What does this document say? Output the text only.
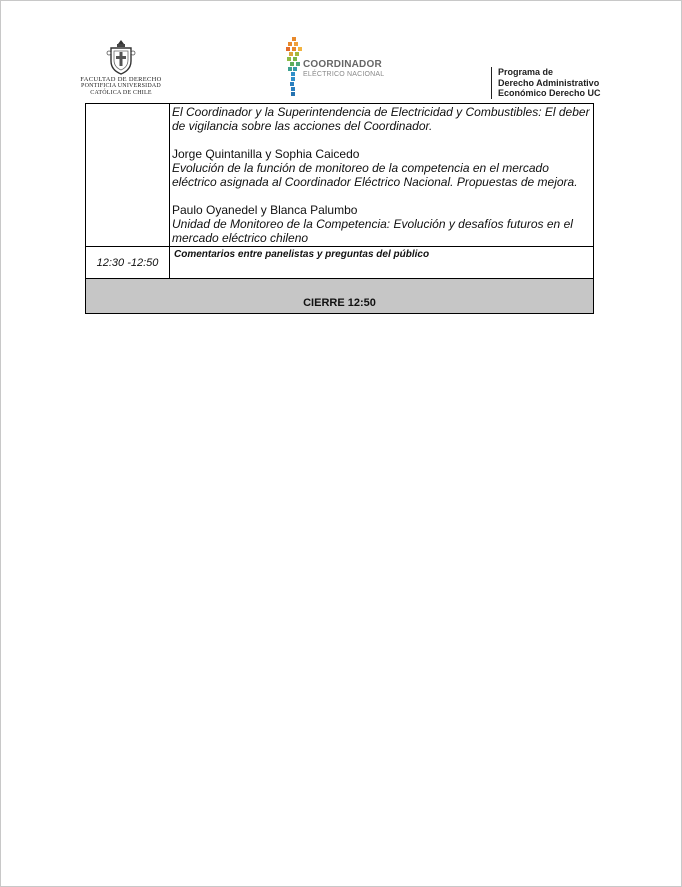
FACULTAD DE DERECHO
PONTIFICIA UNIVERSIDAD
CATÓLICA DE CHILE
COORDINADOR
ELÉCTRICO NACIONAL	Programa de
Derecho Administrativo
Económico Derecho UC

	El Coordinador y la Superintendencia de Electricidad y Combustibles: El deber de vigilancia sobre las acciones del Coordinador.
Jorge Quintanilla y Sophia Caicedo
Evolución de la función de monitoreo de la competencia en el mercado eléctrico asignada al Coordinador Eléctrico Nacional. Propuestas de mejora.
Paulo Oyanedel y Blanca Palumbo
Unidad de Monitoreo de la Competencia: Evolución y desafíos futuros en el mercado eléctrico chileno

12:30 -12:50	Comentarios entre panelistas y preguntas del público
CIERRE 12:50	
